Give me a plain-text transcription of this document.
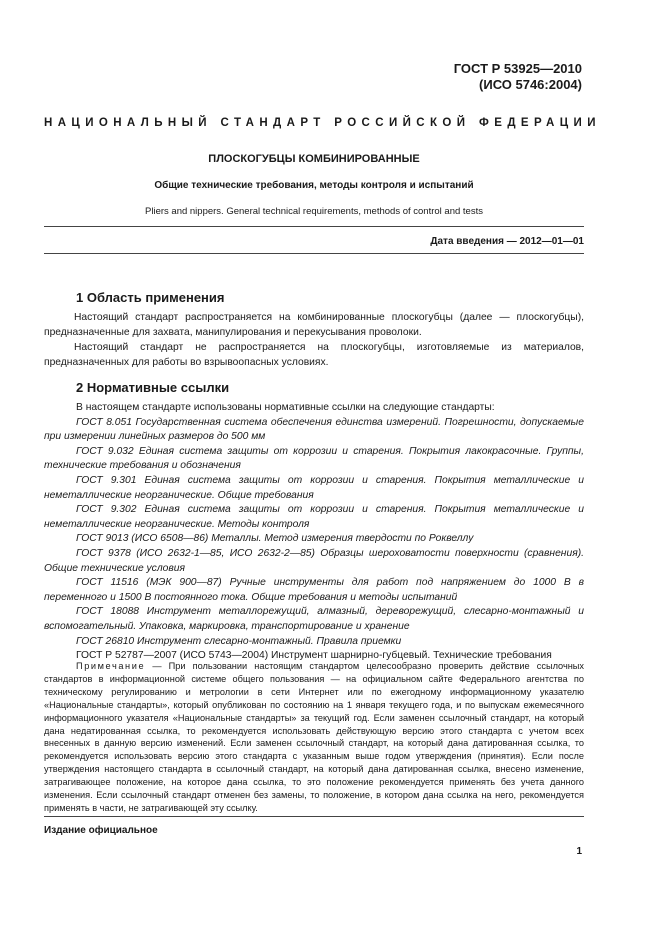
ГОСТ Р 53925—2010
(ИСО 5746:2004)
НАЦИОНАЛЬНЫЙ СТАНДАРТ РОССИЙСКОЙ ФЕДЕРАЦИИ
ПЛОСКОГУБЦЫ КОМБИНИРОВАННЫЕ
Общие технические требования, методы контроля и испытаний
Pliers and nippers. General technical requirements, methods of control and tests
Дата введения — 2012—01—01
1 Область применения

Настоящий стандарт распространяется на комбинированные плоскогубцы (далее — плоскогубцы), предназначенные для захвата, манипулирования и перекусывания проволоки.

Настоящий стандарт не распространяется на плоскогубцы, изготовляемые из материалов, предназначенных для работы во взрывоопасных условиях.

2 Нормативные ссылки

В настоящем стандарте использованы нормативные ссылки на следующие стандарты:

ГОСТ 8.051 Государственная система обеспечения единства измерений. Погрешности, допускаемые при измерении линейных размеров до 500 мм

ГОСТ 9.032 Единая система защиты от коррозии и старения. Покрытия лакокрасочные. Группы, технические требования и обозначения

ГОСТ 9.301 Единая система защиты от коррозии и старения. Покрытия металлические и неметаллические неорганические. Общие требования

ГОСТ 9.302 Единая система защиты от коррозии и старения. Покрытия металлические и неметаллические неорганические. Методы контроля

ГОСТ 9013 (ИСО 6508—86) Металлы. Метод измерения твердости по Роквеллу

ГОСТ 9378 (ИСО 2632-1—85, ИСО 2632-2—85) Образцы шероховатости поверхности (сравнения). Общие технические условия

ГОСТ 11516 (МЭК 900—87) Ручные инструменты для работ под напряжением до 1000 В в переменного и 1500 В постоянного тока. Общие требования и методы испытаний

ГОСТ 18088 Инструмент металлорежущий, алмазный, дереворежущий, слесарно-монтажный и вспомогательный. Упаковка, маркировка, транспортирование и хранение

ГОСТ 26810 Инструмент слесарно-монтажный. Правила приемки

ГОСТ Р 52787—2007 (ИСО 5743—2004) Инструмент шарнирно-губцевый. Технические требования

Примечание — При пользовании настоящим стандартом целесообразно проверить действие ссылочных стандартов в информационной системе общего пользования — на официальном сайте Федерального агентства по техническому регулированию и метрологии в сети Интернет или по ежегодному информационному указателю «Национальные стандарты», который опубликован по состоянию на 1 января текущего года, и по выпускам ежемесячного информационного указателя «Национальные стандарты» за текущий год. Если заменен ссылочный стандарт, на который дана недатированная ссылка, то рекомендуется использовать действующую версию этого стандарта с учетом всех внесенных в данную версию изменений. Если заменен ссылочный стандарт, на который дана датированная ссылка, то рекомендуется использовать версию этого стандарта с указанным выше годом утверждения (принятия). Если после утверждения настоящего стандарта в ссылочный стандарт, на который дана датированная ссылка, внесено изменение, затрагивающее положение, на которое дана ссылка, то это положение рекомендуется применять без учета данного изменения. Если ссылочный стандарт отменен без замены, то положение, в котором дана ссылка на него, рекомендуется применять в части, не затрагивающей эту ссылку.

Издание официальное
1
